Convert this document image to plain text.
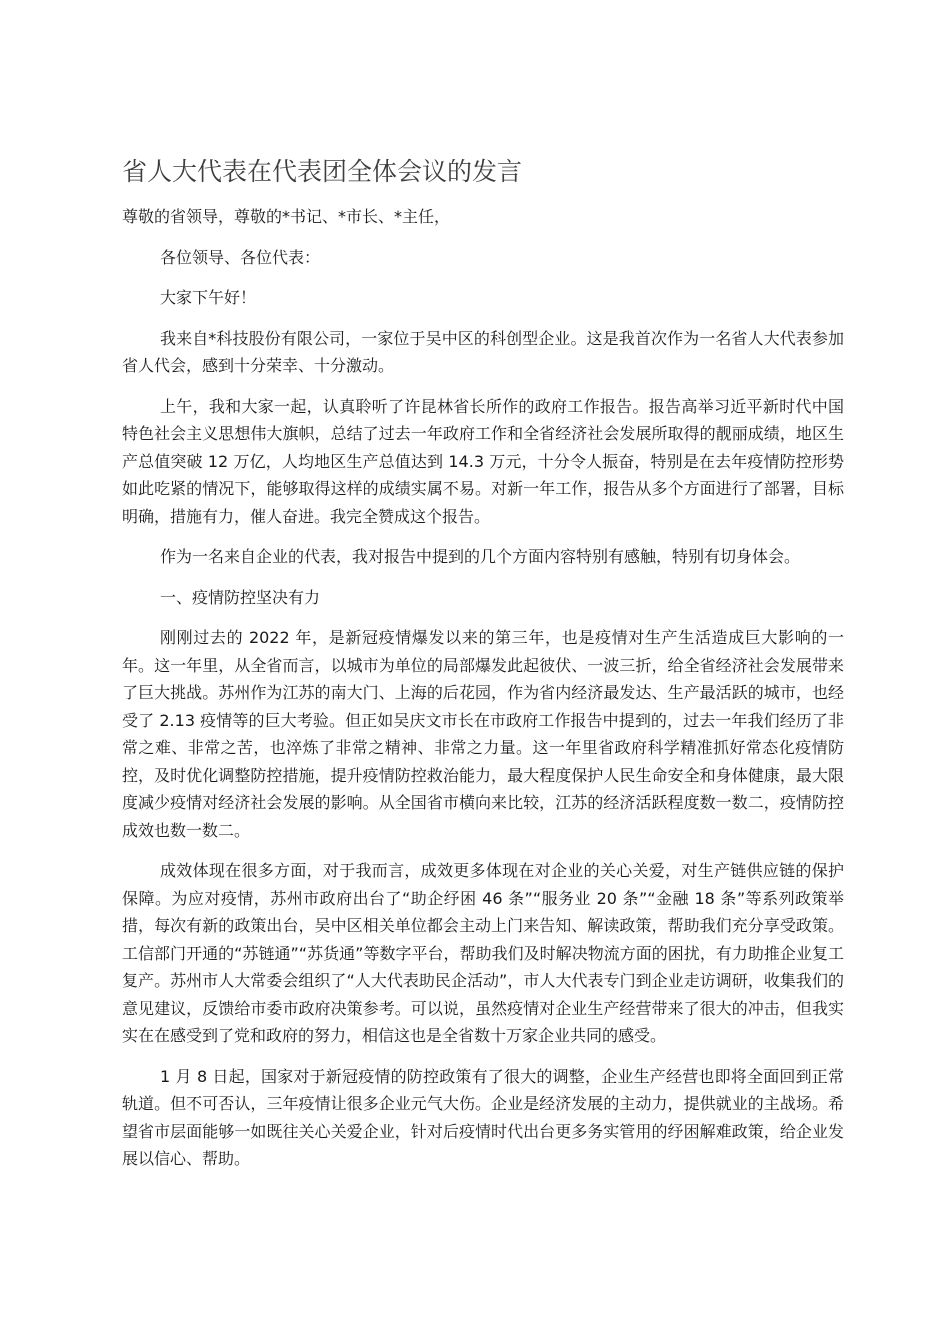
省人大代表在代表团全体会议的发言

尊敬的省领导，尊敬的*书记、*市长、*主任，

各位领导、各位代表：

大家下午好！

我来自*科技股份有限公司，一家位于吴中区的科创型企业。这是我首次作为一名省人大代表参加省人代会，感到十分荣幸、十分激动。

上午，我和大家一起，认真聆听了许昆林省长所作的政府工作报告。报告高举习近平新时代中国特色社会主义思想伟大旗帜，总结了过去一年政府工作和全省经济社会发展所取得的靓丽成绩，地区生产总值突破 12 万亿，人均地区生产总值达到 14.3 万元，十分令人振奋，特别是在去年疫情防控形势如此吃紧的情况下，能够取得这样的成绩实属不易。对新一年工作，报告从多个方面进行了部署，目标明确，措施有力，催人奋进。我完全赞成这个报告。

作为一名来自企业的代表，我对报告中提到的几个方面内容特别有感触，特别有切身体会。

一、疫情防控坚决有力

刚刚过去的 2022 年，是新冠疫情爆发以来的第三年，也是疫情对生产生活造成巨大影响的一年。这一年里，从全省而言，以城市为单位的局部爆发此起彼伏、一波三折，给全省经济社会发展带来了巨大挑战。苏州作为江苏的南大门、上海的后花园，作为省内经济最发达、生产最活跃的城市，也经受了 2.13 疫情等的巨大考验。但正如吴庆文市长在市政府工作报告中提到的，过去一年我们经历了非常之难、非常之苦，也淬炼了非常之精神、非常之力量。这一年里省政府科学精准抓好常态化疫情防控，及时优化调整防控措施，提升疫情防控救治能力，最大程度保护人民生命安全和身体健康，最大限度减少疫情对经济社会发展的影响。从全国省市横向来比较，江苏的经济活跃程度数一数二，疫情防控成效也数一数二。

成效体现在很多方面，对于我而言，成效更多体现在对企业的关心关爱，对生产链供应链的保护保障。为应对疫情，苏州市政府出台了“助企纾困 46 条”“服务业 20 条”“金融 18 条”等系列政策举措，每次有新的政策出台，吴中区相关单位都会主动上门来告知、解读政策，帮助我们充分享受政策。工信部门开通的“苏链通”“苏货通”等数字平台，帮助我们及时解决物流方面的困扰，有力助推企业复工复产。苏州市人大常委会组织了“人大代表助民企活动”，市人大代表专门到企业走访调研，收集我们的意见建议，反馈给市委市政府决策参考。可以说，虽然疫情对企业生产经营带来了很大的冲击，但我实实在在感受到了党和政府的努力，相信这也是全省数十万家企业共同的感受。

1 月 8 日起，国家对于新冠疫情的防控政策有了很大的调整，企业生产经营也即将全面回到正常轨道。但不可否认，三年疫情让很多企业元气大伤。企业是经济发展的主动力，提供就业的主战场。希望省市层面能够一如既往关心关爱企业，针对后疫情时代出台更多务实管用的纾困解难政策，给企业发展以信心、帮助。
